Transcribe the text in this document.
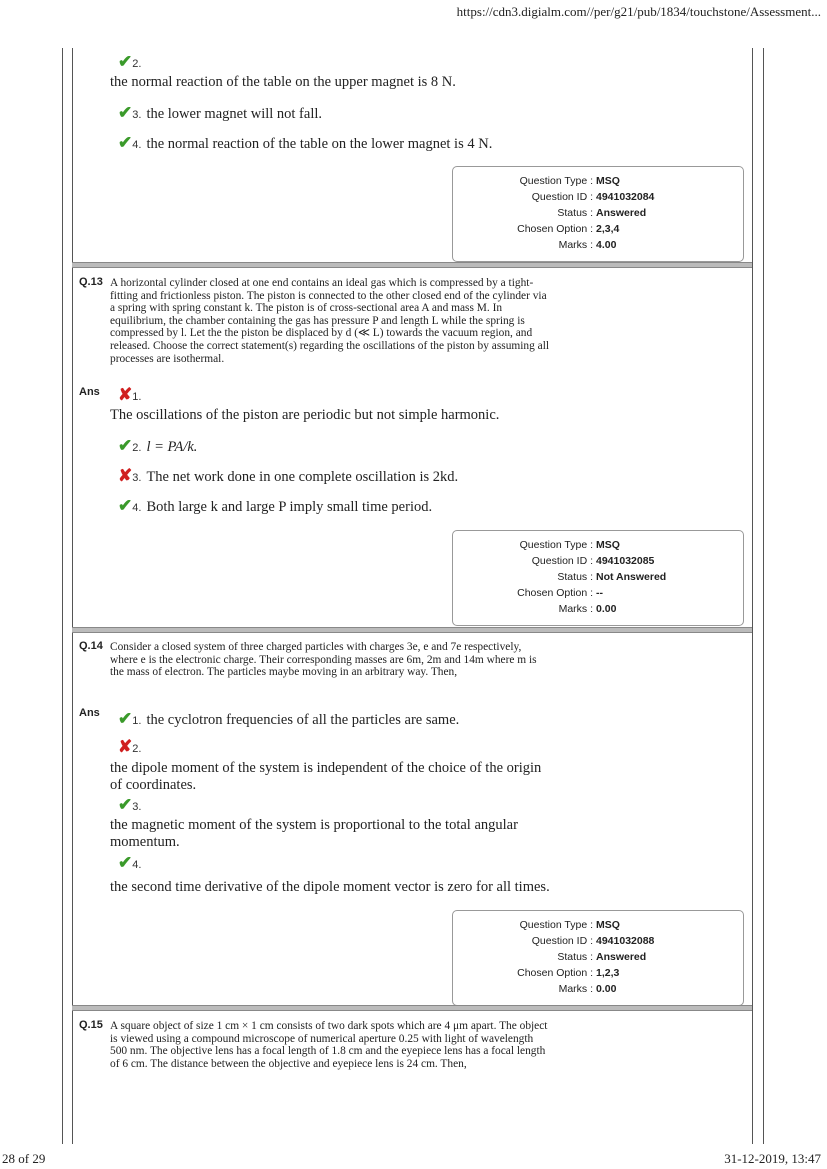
https://cdn3.digialm.com//per/g21/pub/1834/touchstone/Assessment...
✔2.
the normal reaction of the table on the upper magnet is 8 N.
✔3. the lower magnet will not fall.
✔4. the normal reaction of the table on the lower magnet is 4 N.
Question Type : MSQ
Question ID : 4941032084
Status : Answered
Chosen Option : 2,3,4
Marks : 4.00
Q.13 A horizontal cylinder closed at one end contains an ideal gas which is compressed by a tight-fitting and frictionless piston. The piston is connected to the other closed end of the cylinder via a spring with spring constant k. The piston is of cross-sectional area A and mass M. In equilibrium, the chamber containing the gas has pressure P and length L while the spring is compressed by l. Let the the piston be displaced by d (≪ L) towards the vacuum region, and released. Choose the correct statement(s) regarding the oscillations of the piston by assuming all processes are isothermal.
Ans ✘1.
The oscillations of the piston are periodic but not simple harmonic.
✔2. l = PA/k.
✘3. The net work done in one complete oscillation is 2kd.
✔4. Both large k and large P imply small time period.
Question Type : MSQ
Question ID : 4941032085
Status : Not Answered
Chosen Option : --
Marks : 0.00
Q.14 Consider a closed system of three charged particles with charges 3e, e and 7e respectively, where e is the electronic charge. Their corresponding masses are 6m, 2m and 14m where m is the mass of electron. The particles maybe moving in an arbitrary way. Then,
Ans ✔1. the cyclotron frequencies of all the particles are same.
✘2.
the dipole moment of the system is independent of the choice of the origin of coordinates.
✔3.
the magnetic moment of the system is proportional to the total angular momentum.
✔4.
the second time derivative of the dipole moment vector is zero for all times.
Question Type : MSQ
Question ID : 4941032088
Status : Answered
Chosen Option : 1,2,3
Marks : 0.00
Q.15 A square object of size 1 cm × 1 cm consists of two dark spots which are 4 μm apart. The object is viewed using a compound microscope of numerical aperture 0.25 with light of wavelength 500 nm. The objective lens has a focal length of 1.8 cm and the eyepiece lens has a focal length of 6 cm. The distance between the objective and eyepiece lens is 24 cm. Then,
28 of 29	31-12-2019, 13:47
